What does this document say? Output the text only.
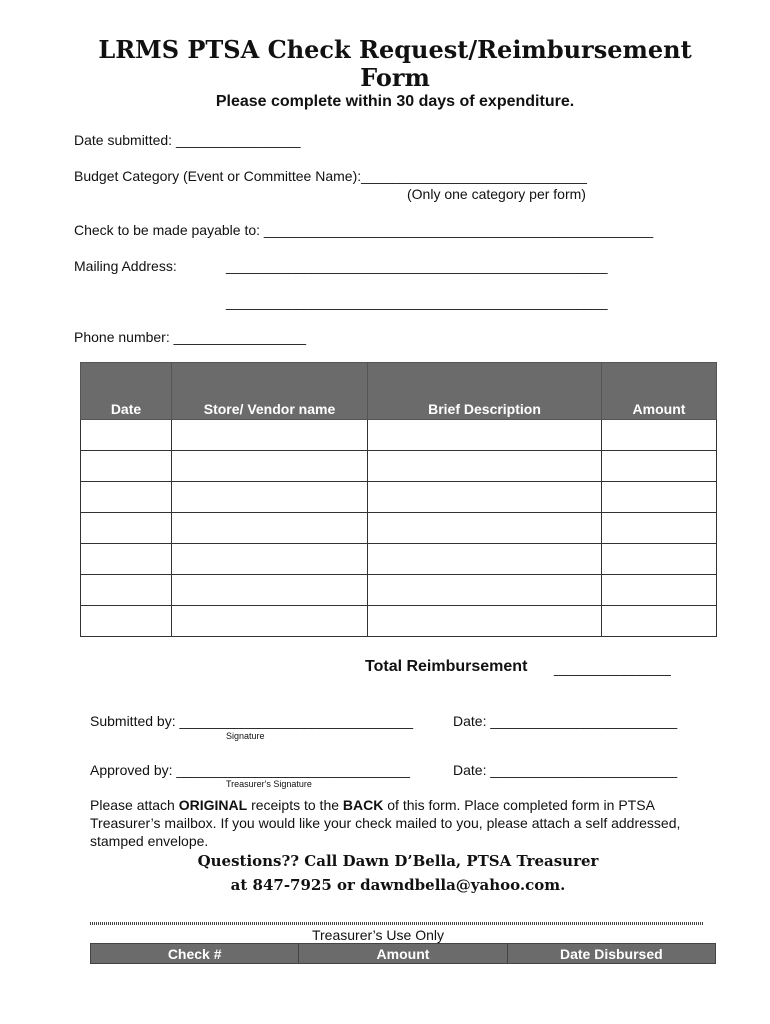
LRMS PTSA Check Request/Reimbursement Form
Please complete within 30 days of expenditure.
Date submitted: ________________
Budget Category (Event or Committee Name):_____________________________
(Only one category per form)
Check to be made payable to: __________________________________________________
Mailing Address:	_________________________________________________
_________________________________________________
Phone number: _________________
Date	Store/ Vendor name	Brief Description	Amount

Total Reimbursement _______________
Submitted by: ______________________________
Signature
Date: ________________________
Approved by: ______________________________
Treasurer's Signature
Date: ________________________
Please attach ORIGINAL receipts to the BACK of this form. Place completed form in PTSA Treasurer’s mailbox. If you would like your check mailed to you, please attach a self addressed, stamped envelope.
Questions?? Call Dawn D’Bella, PTSA Treasurer
at 847-7925 or dawndbella@yahoo.com.
Treasurer’s Use Only
Check #	Amount	Date Disbursed
